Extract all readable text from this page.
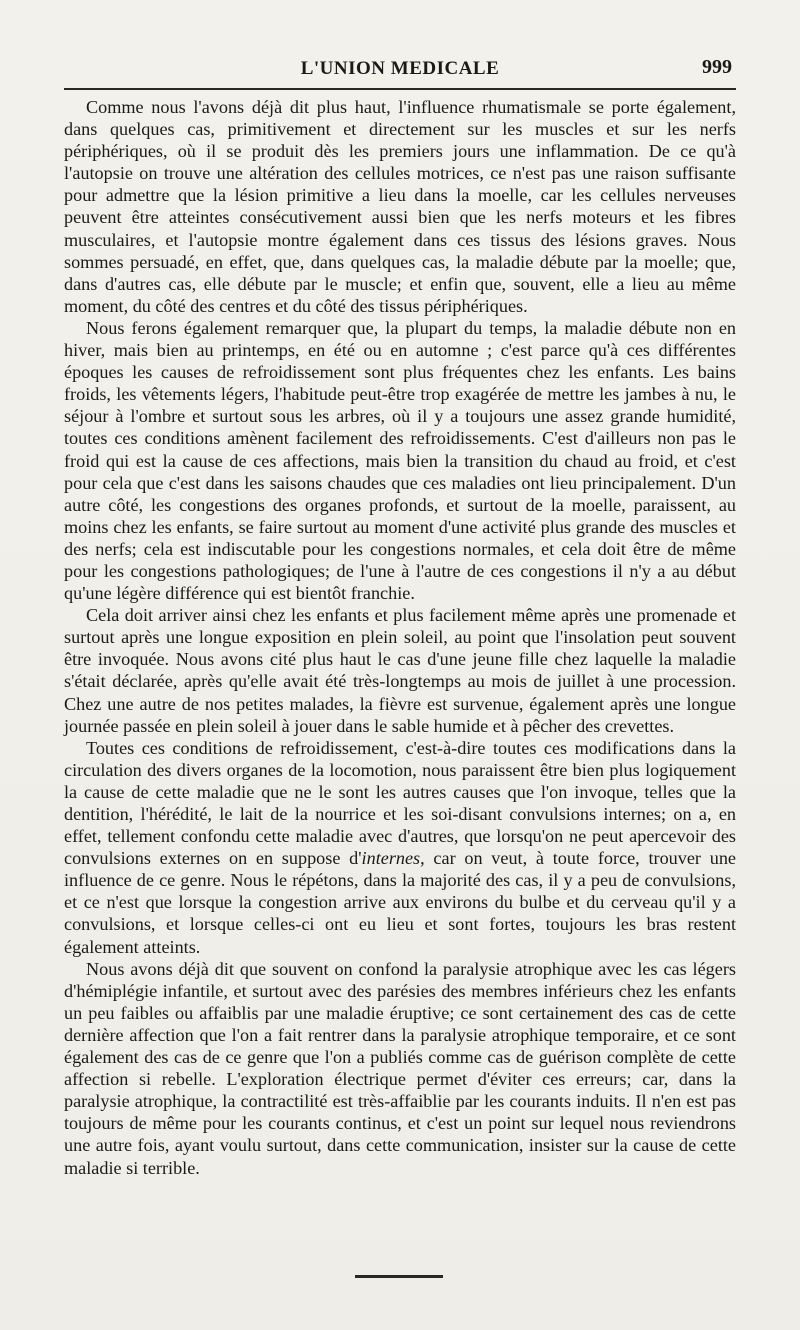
L'UNION MEDICALE	999

Comme nous l'avons déjà dit plus haut, l'influence rhumatismale se porte également, dans quelques cas, primitivement et directement sur les muscles et sur les nerfs périphériques, où il se produit dès les premiers jours une inflammation. De ce qu'à l'autopsie on trouve une altération des cellules motrices, ce n'est pas une raison suffisante pour admettre que la lésion primitive a lieu dans la moelle, car les cellules nerveuses peuvent être atteintes consécutivement aussi bien que les nerfs moteurs et les fibres musculaires, et l'autopsie montre également dans ces tissus des lésions graves. Nous sommes persuadé, en effet, que, dans quelques cas, la maladie débute par la moelle; que, dans d'autres cas, elle débute par le muscle; et enfin que, souvent, elle a lieu au même moment, du côté des centres et du côté des tissus périphériques.

Nous ferons également remarquer que, la plupart du temps, la maladie débute non en hiver, mais bien au printemps, en été ou en automne ; c'est parce qu'à ces différentes époques les causes de refroidissement sont plus fréquentes chez les enfants. Les bains froids, les vêtements légers, l'habitude peut-être trop exagérée de mettre les jambes à nu, le séjour à l'ombre et surtout sous les arbres, où il y a toujours une assez grande humidité, toutes ces conditions amènent facilement des refroidissements. C'est d'ailleurs non pas le froid qui est la cause de ces affections, mais bien la transition du chaud au froid, et c'est pour cela que c'est dans les saisons chaudes que ces maladies ont lieu principalement. D'un autre côté, les congestions des organes profonds, et surtout de la moelle, paraissent, au moins chez les enfants, se faire surtout au moment d'une activité plus grande des muscles et des nerfs; cela est indiscutable pour les congestions normales, et cela doit être de même pour les congestions pathologiques; de l'une à l'autre de ces congestions il n'y a au début qu'une légère différence qui est bientôt franchie.

Cela doit arriver ainsi chez les enfants et plus facilement même après une promenade et surtout après une longue exposition en plein soleil, au point que l'insolation peut souvent être invoquée. Nous avons cité plus haut le cas d'une jeune fille chez laquelle la maladie s'était déclarée, après qu'elle avait été très-longtemps au mois de juillet à une procession. Chez une autre de nos petites malades, la fièvre est survenue, également après une longue journée passée en plein soleil à jouer dans le sable humide et à pêcher des crevettes.

Toutes ces conditions de refroidissement, c'est-à-dire toutes ces modifications dans la circulation des divers organes de la locomotion, nous paraissent être bien plus logiquement la cause de cette maladie que ne le sont les autres causes que l'on invoque, telles que la dentition, l'hérédité, le lait de la nourrice et les soi-disant convulsions internes; on a, en effet, tellement confondu cette maladie avec d'autres, que lorsqu'on ne peut apercevoir des convulsions externes on en suppose d'internes, car on veut, à toute force, trouver une influence de ce genre. Nous le répétons, dans la majorité des cas, il y a peu de convulsions, et ce n'est que lorsque la congestion arrive aux environs du bulbe et du cerveau qu'il y a convulsions, et lorsque celles-ci ont eu lieu et sont fortes, toujours les bras restent également atteints.

Nous avons déjà dit que souvent on confond la paralysie atrophique avec les cas légers d'hémiplégie infantile, et surtout avec des parésies des membres inférieurs chez les enfants un peu faibles ou affaiblis par une maladie éruptive; ce sont certainement des cas de cette dernière affection que l'on a fait rentrer dans la paralysie atrophique temporaire, et ce sont également des cas de ce genre que l'on a publiés comme cas de guérison complète de cette affection si rebelle. L'exploration électrique permet d'éviter ces erreurs; car, dans la paralysie atrophique, la contractilité est très-affaiblie par les courants induits. Il n'en est pas toujours de même pour les courants continus, et c'est un point sur lequel nous reviendrons une autre fois, ayant voulu surtout, dans cette communication, insister sur la cause de cette maladie si terrible.
